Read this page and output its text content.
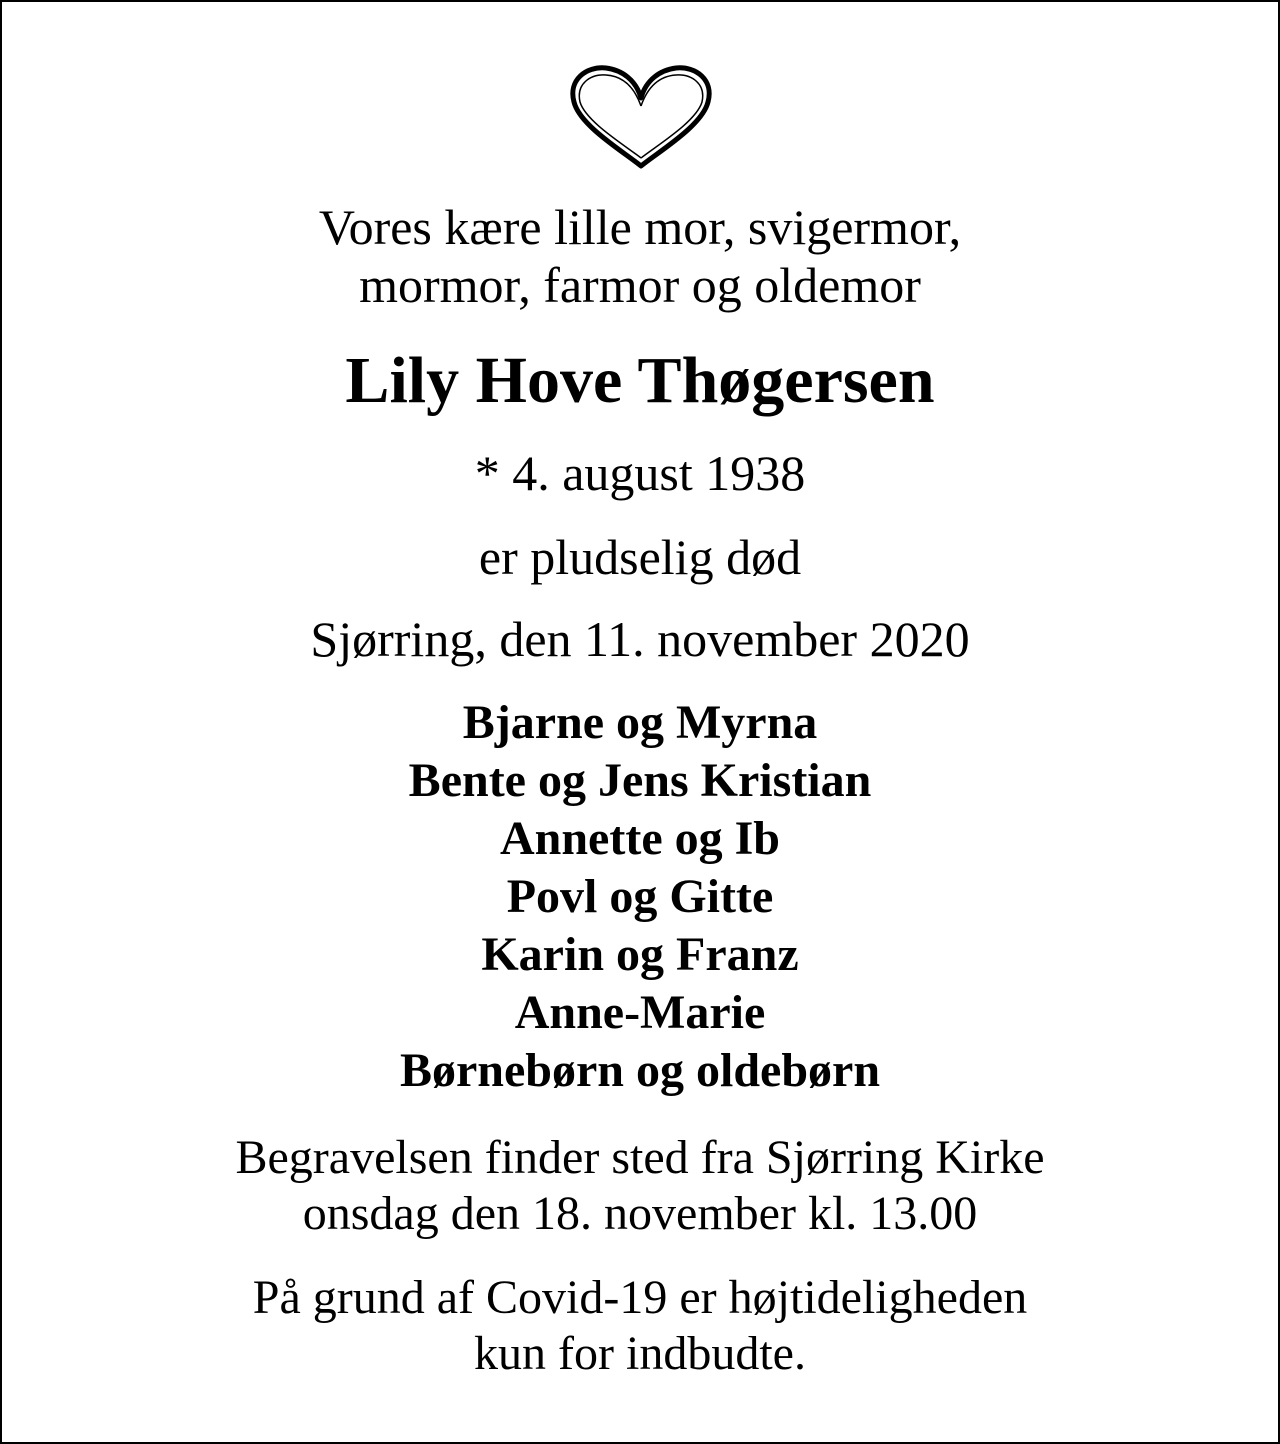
Vores kære lille mor, svigermor,
mormor, farmor og oldemor
Lily Hove Thøgersen
* 4. august 1938
er pludselig død
Sjørring, den 11. november 2020
Bjarne og Myrna
Bente og Jens Kristian
Annette og Ib
Povl og Gitte
Karin og Franz
Anne-Marie
Børnebørn og oldebørn
Begravelsen finder sted fra Sjørring Kirke
onsdag den 18. november kl. 13.00
På grund af Covid-19 er højtideligheden
kun for indbudte.
